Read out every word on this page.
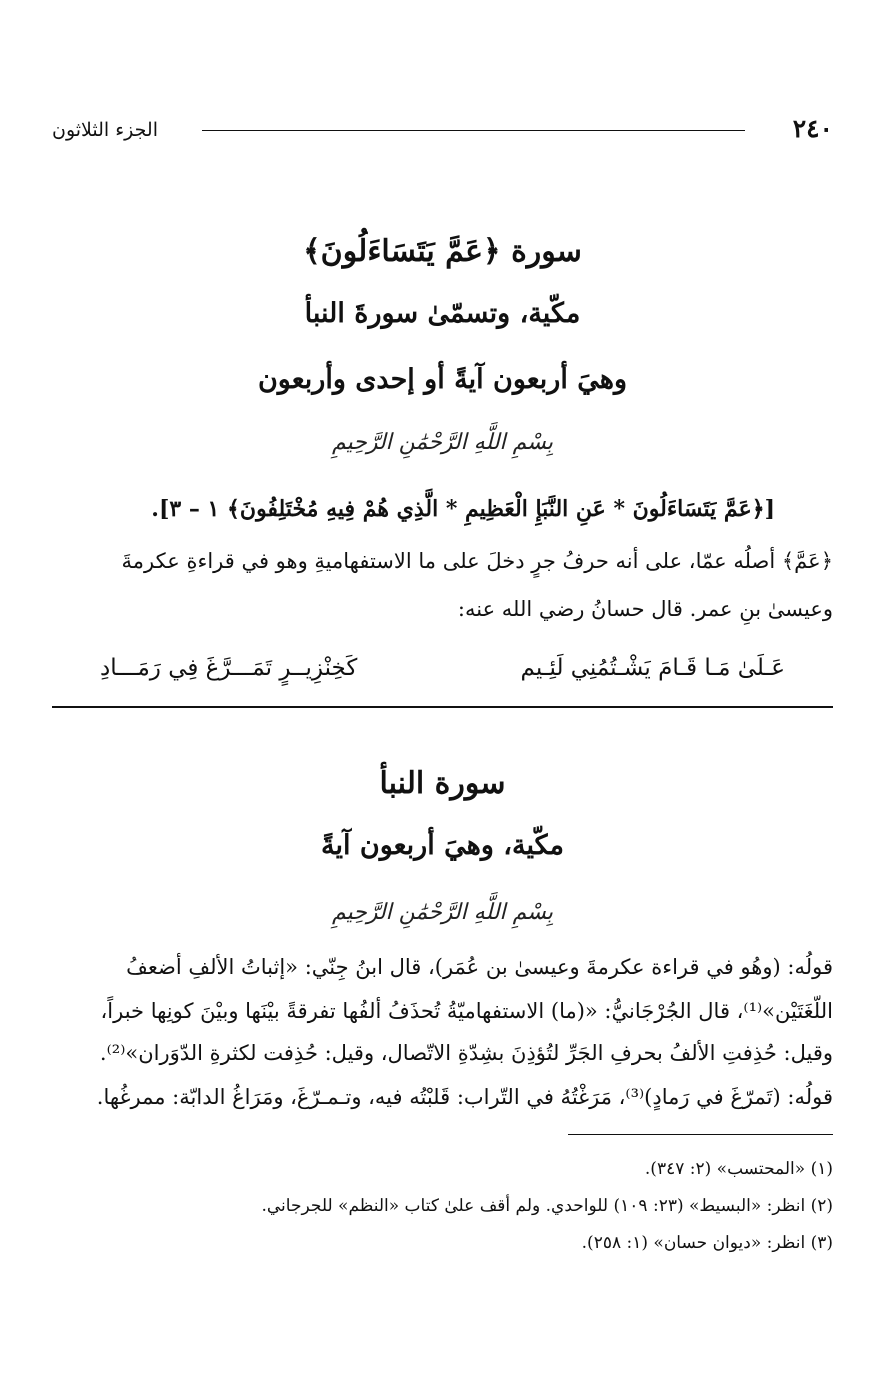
٢٤٠
الجزء الثلاثون
سورة ﴿عَمَّ يَتَسَاءَلُونَ﴾
مكّية، وتسمّىٰ سورةَ النبأ
وهيَ أربعون آيةً أو إحدى وأربعون
بِسْمِ اللَّهِ الرَّحْمَٰنِ الرَّحِيمِ
[﴿عَمَّ يَتَسَاءَلُونَ * عَنِ النَّبَإِ الْعَظِيمِ * الَّذِي هُمْ فِيهِ مُخْتَلِفُونَ﴾ ١ – ٣].
﴿عَمَّ﴾ أصلُه عمّا، على أنه حرفُ جرٍ دخلَ على ما الاستفهاميةِ وهو في قراءةِ عكرمةَ
وعيسىٰ بنِ عمر. قال حسانُ رضي الله عنه:
عَـلَىٰ مَـا قَـامَ يَشْـتُمُنِي لَئِـيم
كَخِنْزِيــرٍ تَمَـــرَّغَ فِي رَمَـــادِ
سورة النبأ
مكّية، وهيَ أربعون آيةً
بِسْمِ اللَّهِ الرَّحْمَٰنِ الرَّحِيمِ
قولُه: (وهُو في قراءة عكرمةَ وعيسىٰ بن عُمَر)، قال ابنُ جِنّي: «إثباتُ الألفِ أضعفُ
اللّغَتَيْن»⁽¹⁾، قال الجُرْجَانيُّ: «(ما) الاستفهاميّةُ تُحذَفُ ألفُها تفرقةً بيْنَها وبيْنَ كونِها خبراً،
وقيل: حُذِفتِ الألفُ بحرفِ الجَرِّ لتُؤذِنَ بشِدّةِ الاتّصال، وقيل: حُذِفت لكثرةِ الدّوَران»⁽²⁾.
قولُه: (تَمرّغَ في رَمادٍ)⁽³⁾، مَرَغْتُهُ في التّراب: قَلبْتُه فيه، وتـمـرّغَ، ومَرَاغُ الدابّة: ممرغُها.
(١) «المحتسب» (٢: ٣٤٧).
(٢) انظر: «البسيط» (٢٣: ١٠٩) للواحدي. ولم أقف علىٰ كتاب «النظم» للجرجاني.
(٣) انظر: «ديوان حسان» (١: ٢٥٨).
